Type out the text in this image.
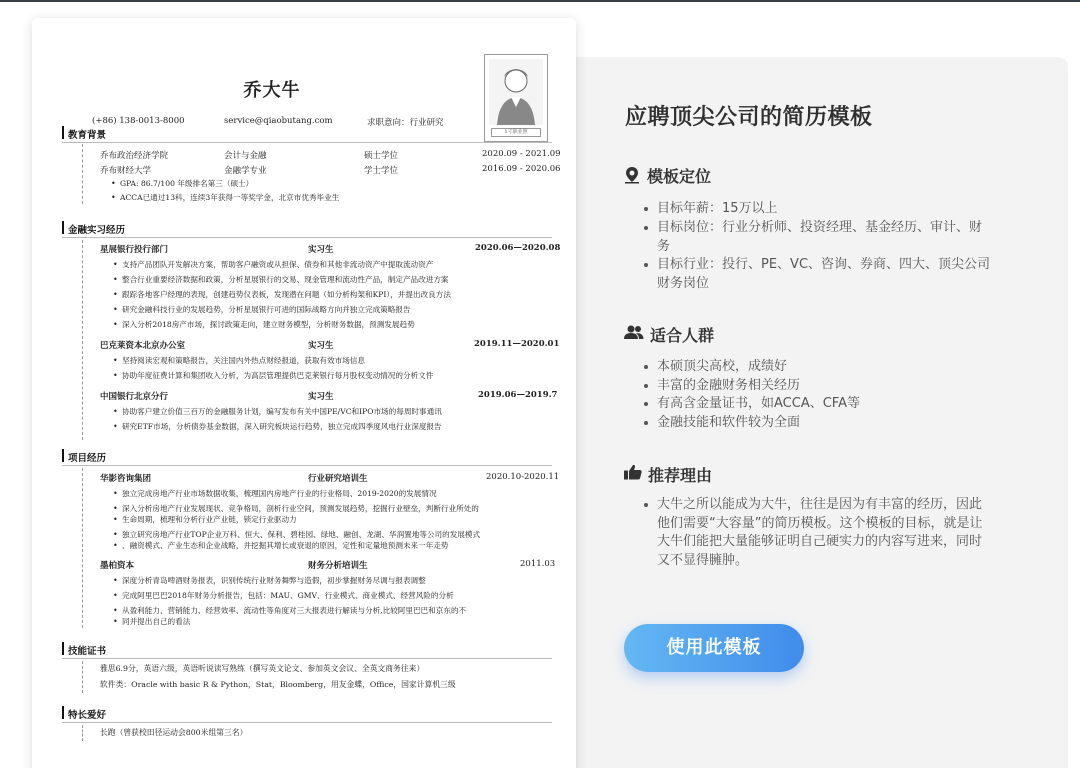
乔大牛
(+86) 138-0013-8000	service@qiaobutang.com	求职意向：行业研究
1寸职业照
教育背景
乔布政治经济学院	会计与金融	硕士学位	2020.09 - 2021.09
乔布财经大学	金融学专业	学士学位	2016.09 - 2020.06
• GPA: 86.7/100 年级排名第三（硕士）
• ACCA已通过13科，连续3年获得一等奖学金，北京市优秀毕业生
金融实习经历
星展银行投行部门	实习生	2020.06—2020.08
• 支持产品团队开发解决方案，帮助客户融资或从担保、债券和其他非流动资产中提取流动资产
• 整合行业重要经济数据和政策，分析星展银行的交易、现金管理和流动性产品，制定产品改进方案
• 跟踪各地客户经理的表现，创建趋势仪表板，发现潜在问题（如分析构架和KPI），并提出改良方法
• 研究金融科技行业的发展趋势，分析星展银行可进的国际战略方向并独立完成策略报告
• 深入分析2018房产市场，探讨政策走向，建立财务模型，分析财务数据，预测发展趋势
巴克莱资本北京办公室	实习生	2019.11—2020.01
• 坚持阅读宏观和策略报告，关注国内外热点财经报道，获取有效市场信息
• 协助年度征费计算和集团收入分析，为高层管理提供巴克莱银行每月股权变动情况的分析文件
中国银行北京分行	实习生	2019.06—2019.7
• 协助客户建立价值三百万的金融服务计划，编写发布有关中国PE/VC和IPO市场的每周时事通讯
• 研究ETF市场，分析债券基金数据，深入研究板块运行趋势，独立完成四季度风电行业深度报告
项目经历
华影咨询集团	行业研究培训生	2020.10-2020.11
• 独立完成房地产行业市场数据收集，梳理国内房地产行业的行业格局、2019-2020的发展情况
• 深入分析房地产行业发展现状、竞争格局，剖析行业空间，预测发展趋势，挖掘行业壁垒，判断行业所处的
• 生命周期，梳理和分析行业产业链，锁定行业驱动力
• 独立研究房地产行业TOP企业万科、恒大、保利、碧桂园、绿地、融创、龙湖、华润置地等公司的发展模式
• 、融资模式、产业生态和企业战略，并挖掘其增长或衰退的原因，定性和定量地预测未来一年走势
墨柏资本	财务分析培训生	2011.03
• 深度分析青岛啤酒财务报表，识别传统行业财务舞弊与造假，初步掌握财务尽调与报表调整
• 完成阿里巴巴2018年财务分析报告，包括：MAU、GMV、行业模式、商业模式、经营风险的分析
• 从盈利能力、营销能力、经营效率、流动性等角度对三大报表进行解读与分析,比较阿里巴巴和京东的不
• 同并提出自己的看法
技能证书
雅思6.9分，英语六级，英语听说读写熟练（撰写英文论文、参加英文会议、全英文商务往来）
软件类：Oracle with basic R & Python，Stat，Bloomberg，用友金蝶，Office，国家计算机三级
特长爱好
长跑（曾获校田径运动会800米组第三名）
应聘顶尖公司的简历模板
模板定位
目标年薪：15万以上
目标岗位：行业分析师、投资经理、基金经历、审计、财务
目标行业：投行、PE、VC、咨询、券商、四大、顶尖公司财务岗位
适合人群
本硕顶尖高校，成绩好
丰富的金融财务相关经历
有高含金量证书，如ACCA、CFA等
金融技能和软件较为全面
推荐理由
大牛之所以能成为大牛，往往是因为有丰富的经历，因此他们需要“大容量”的简历模板。这个模板的目标，就是让大牛们能把大量能够证明自己硬实力的内容写进来，同时又不显得臃肿。
使用此模板
